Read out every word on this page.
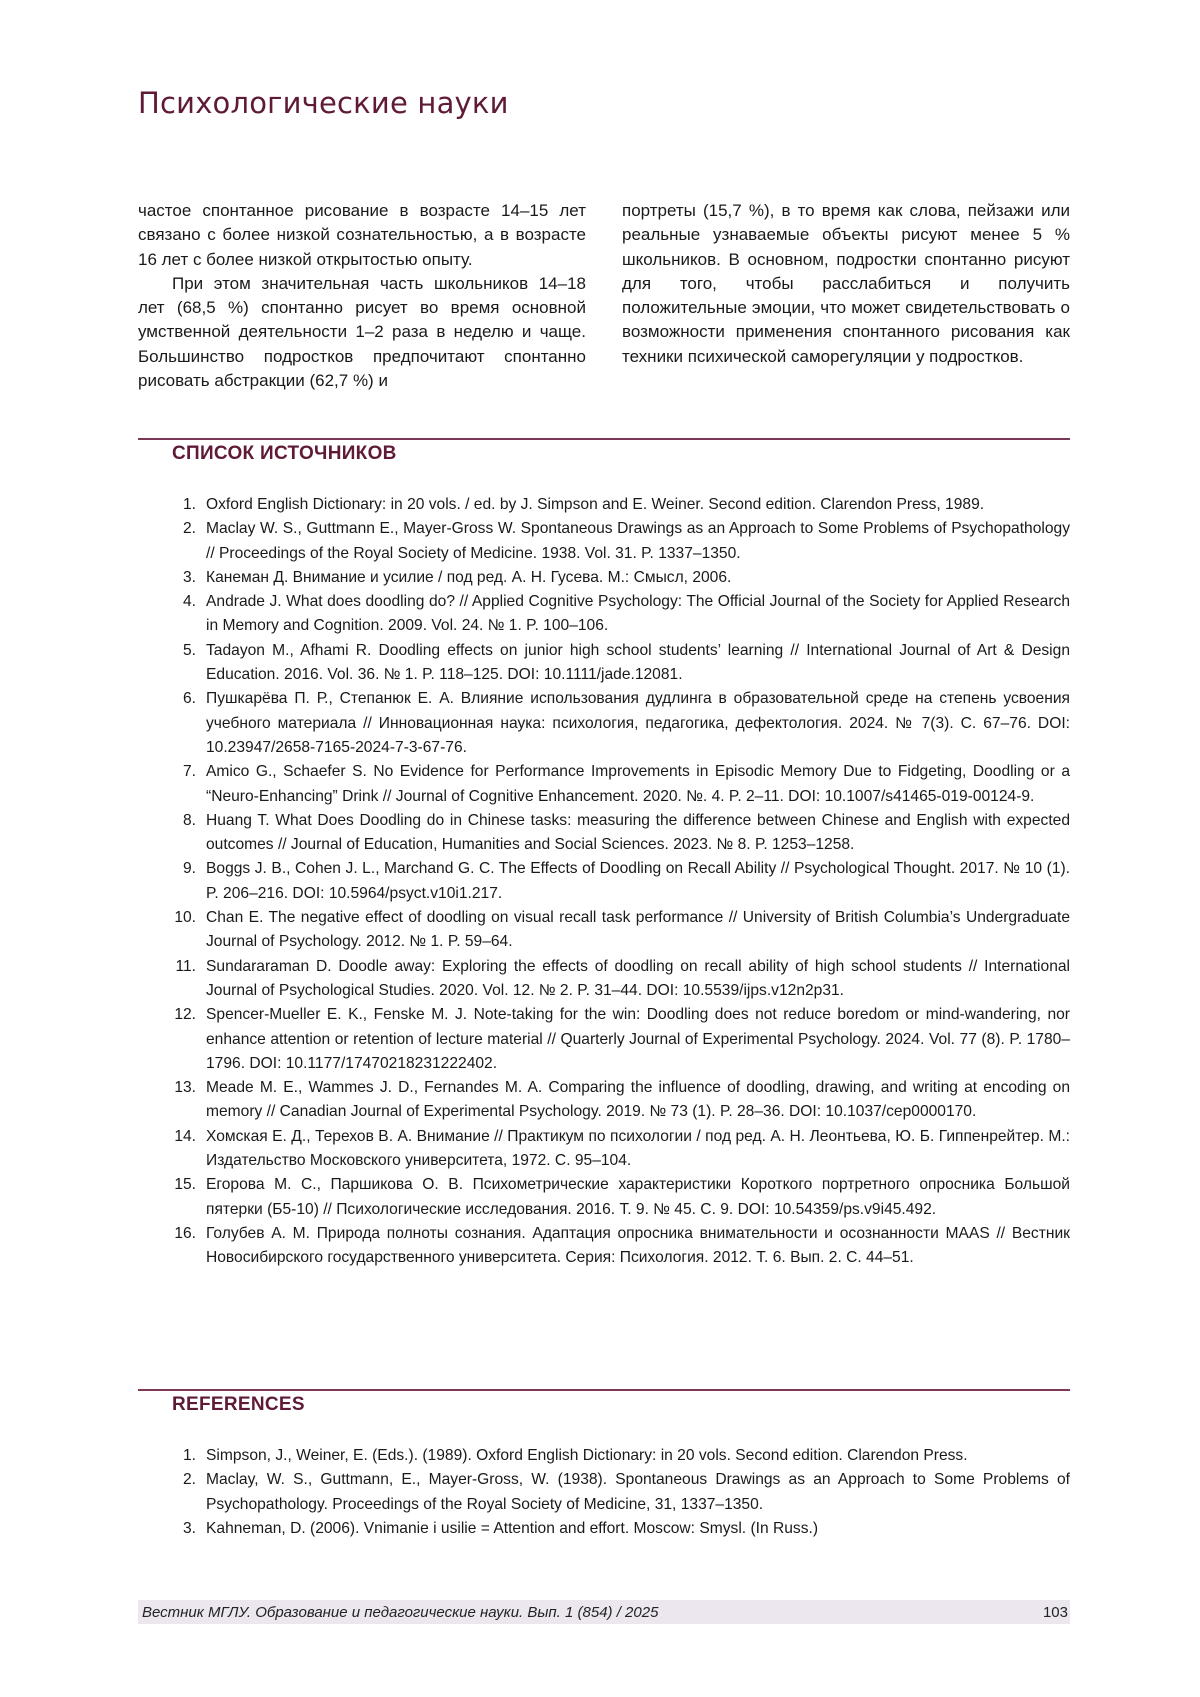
Психологические науки

частое спонтанное рисование в возрасте 14–15 лет связано с более низкой сознательностью, а в возрасте 16 лет с более низкой открытостью опыту.

При этом значительная часть школьников 14–18 лет (68,5 %) спонтанно рисует во время основной умственной деятельности 1–2 раза в неделю и чаще. Большинство подростков предпочитают спонтанно рисовать абстракции (62,7 %) и

портреты (15,7 %), в то время как слова, пейзажи или реальные узнаваемые объекты рисуют менее 5 % школьников. В основном, подростки спонтанно рисуют для того, чтобы расслабиться и получить положительные эмоции, что может свидетельствовать о возможности применения спонтанного рисования как техники психической саморегуляции у подростков.

СПИСОК ИСТОЧНИКОВ
1. Oxford English Dictionary: in 20 vols. / ed. by J. Simpson and E. Weiner. Second edition. Clarendon Press, 1989.
2. Maclay W. S., Guttmann E., Mayer-Gross W. Spontaneous Drawings as an Approach to Some Problems of Psychopathology // Proceedings of the Royal Society of Medicine. 1938. Vol. 31. P. 1337–1350.
3. Канеман Д. Внимание и усилие / под ред. А. Н. Гусева. М.: Смысл, 2006.
4. Andrade J. What does doodling do? // Applied Cognitive Psychology: The Official Journal of the Society for Applied Research in Memory and Cognition. 2009. Vol. 24. № 1. P. 100–106.
5. Tadayon M., Afhami R. Doodling effects on junior high school students’ learning // International Journal of Art & Design Education. 2016. Vol. 36. № 1. P. 118–125. DOI: 10.1111/jade.12081.
6. Пушкарёва П. Р., Степанюк Е. А. Влияние использования дудлинга в образовательной среде на степень усвоения учебного материала // Инновационная наука: психология, педагогика, дефектология. 2024. № 7(3). С. 67–76. DOI: 10.23947/2658-7165-2024-7-3-67-76.
7. Amico G., Schaefer S. No Evidence for Performance Improvements in Episodic Memory Due to Fidgeting, Doodling or a “Neuro-Enhancing” Drink // Journal of Cognitive Enhancement. 2020. №. 4. P. 2–11. DOI: 10.1007/s41465-019-00124-9.
8. Huang T. What Does Doodling do in Chinese tasks: measuring the difference between Chinese and English with expected outcomes // Journal of Education, Humanities and Social Sciences. 2023. № 8. P. 1253–1258.
9. Boggs J. B., Cohen J. L., Marchand G. C. The Effects of Doodling on Recall Ability // Psychological Thought. 2017. № 10 (1). P. 206–216. DOI: 10.5964/psyct.v10i1.217.
10. Chan E. The negative effect of doodling on visual recall task performance // University of British Columbia’s Undergraduate Journal of Psychology. 2012. № 1. P. 59–64.
11. Sundararaman D. Doodle away: Exploring the effects of doodling on recall ability of high school students // International Journal of Psychological Studies. 2020. Vol. 12. № 2. P. 31–44. DOI: 10.5539/ijps.v12n2p31.
12. Spencer-Mueller E. K., Fenske M. J. Note-taking for the win: Doodling does not reduce boredom or mind-wandering, nor enhance attention or retention of lecture material // Quarterly Journal of Experimental Psychology. 2024. Vol. 77 (8). P. 1780–1796. DOI: 10.1177/17470218231222402.
13. Meade M. E., Wammes J. D., Fernandes M. A. Comparing the influence of doodling, drawing, and writing at encoding on memory // Canadian Journal of Experimental Psychology. 2019. № 73 (1). P. 28–36. DOI: 10.1037/cep0000170.
14. Хомская Е. Д., Терехов В. А. Внимание // Практикум по психологии / под ред. А. Н. Леонтьева, Ю. Б. Гиппенрейтер. М.: Издательство Московского университета, 1972. С. 95–104.
15. Егорова М. С., Паршикова О. В. Психометрические характеристики Короткого портретного опросника Большой пятерки (Б5-10) // Психологические исследования. 2016. Т. 9. № 45. С. 9. DOI: 10.54359/ps.v9i45.492.
16. Голубев А. М. Природа полноты сознания. Адаптация опросника внимательности и осознанности MAAS // Вестник Новосибирского государственного университета. Серия: Психология. 2012. Т. 6. Вып. 2. С. 44–51.
REFERENCES
1. Simpson, J., Weiner, E. (Eds.). (1989). Oxford English Dictionary: in 20 vols. Second edition. Clarendon Press.
2. Maclay, W. S., Guttmann, E., Mayer-Gross, W. (1938). Spontaneous Drawings as an Approach to Some Problems of Psychopathology. Proceedings of the Royal Society of Medicine, 31, 1337–1350.
3. Kahneman, D. (2006). Vnimanie i usilie = Attention and effort. Moscow: Smysl. (In Russ.)
Вестник МГЛУ. Образование и педагогические науки. Вып. 1 (854) / 2025	103
